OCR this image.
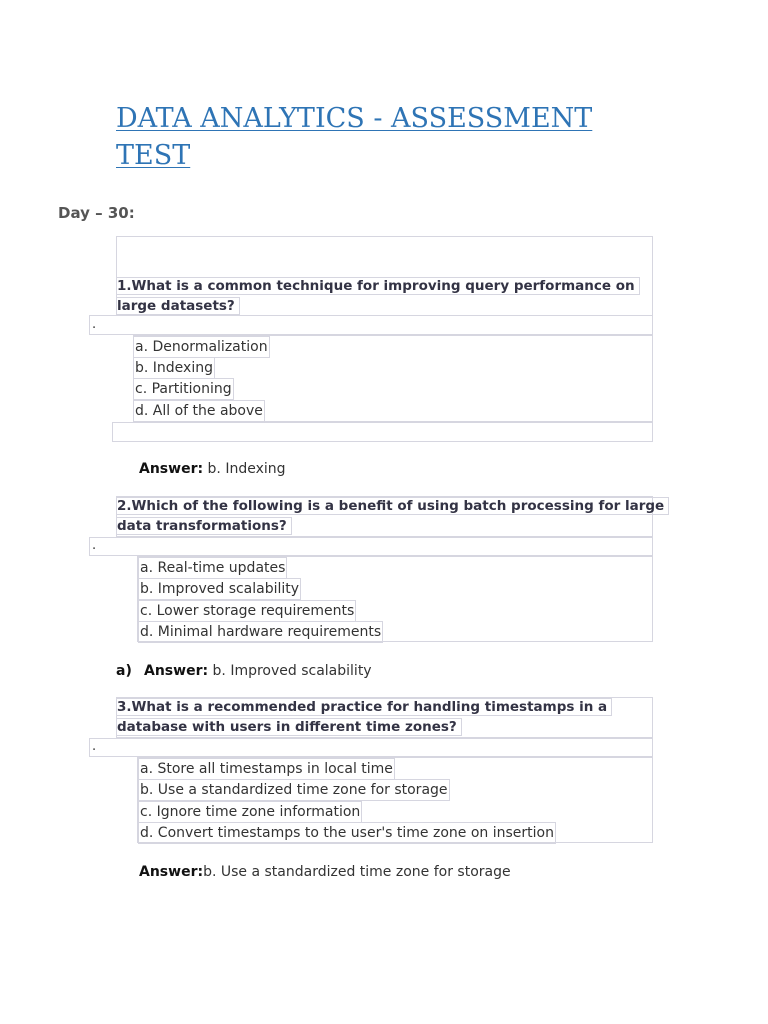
DATA ANALYTICS - ASSESSMENT TEST
Day – 30:
1.What is a common technique for improving query performance on
large datasets?
.
a. Denormalization
b. Indexing
c. Partitioning
d. All of the above
Answer: b. Indexing
2.Which of the following is a benefit of using batch processing for large
data transformations?
.
a. Real-time updates
b. Improved scalability
c. Lower storage requirements
d. Minimal hardware requirements
a) Answer: b. Improved scalability
3.What is a recommended practice for handling timestamps in a
database with users in different time zones?
.
a. Store all timestamps in local time
b. Use a standardized time zone for storage
c. Ignore time zone information
d. Convert timestamps to the user's time zone on insertion
Answer:b. Use a standardized time zone for storage
